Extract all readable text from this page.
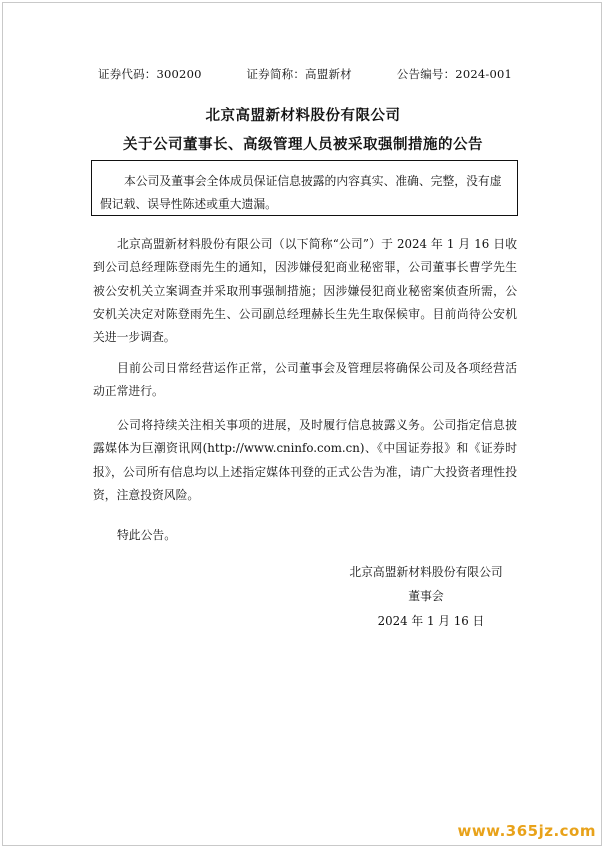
证券代码：300200	证券简称：高盟新材	公告编号：2024-001
北京高盟新材料股份有限公司
关于公司董事长、高级管理人员被采取强制措施的公告
本公司及董事会全体成员保证信息披露的内容真实、准确、完整，没有虚假记载、误导性陈述或重大遗漏。

北京高盟新材料股份有限公司（以下简称“公司”）于 2024 年 1 月 16 日收到公司总经理陈登雨先生的通知，因涉嫌侵犯商业秘密罪，公司董事长曹学先生被公安机关立案调查并采取刑事强制措施；因涉嫌侵犯商业秘密案侦查所需，公安机关决定对陈登雨先生、公司副总经理赫长生先生取保候审。目前尚待公安机关进一步调查。

目前公司日常经营运作正常，公司董事会及管理层将确保公司及各项经营活动正常进行。

公司将持续关注相关事项的进展，及时履行信息披露义务。公司指定信息披露媒体为巨潮资讯网(http://www.cninfo.com.cn)、《中国证券报》和《证券时报》，公司所有信息均以上述指定媒体刊登的正式公告为准，请广大投资者理性投资，注意投资风险。

特此公告。

北京高盟新材料股份有限公司
董事会
2024 年 1 月 16 日
www.365jz.com
